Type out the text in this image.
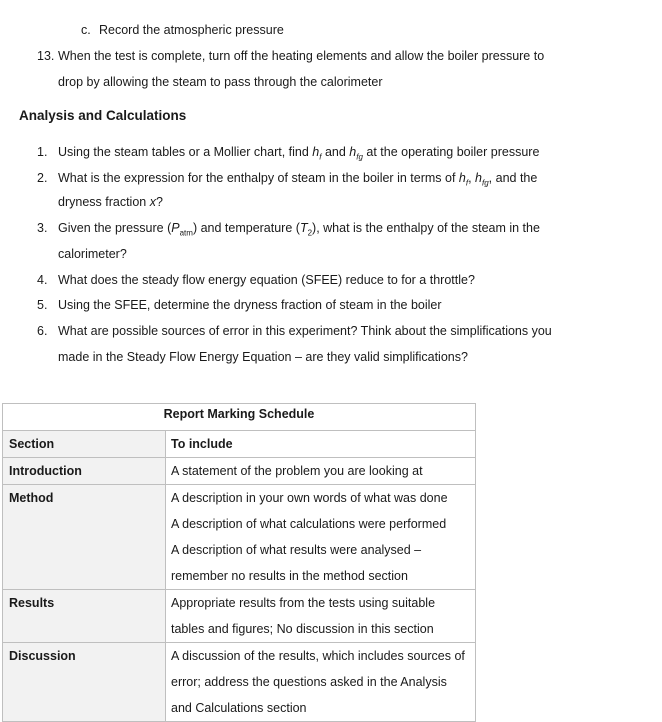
c. Record the atmospheric pressure
13. When the test is complete, turn off the heating elements and allow the boiler pressure to
drop by allowing the steam to pass through the calorimeter
Analysis and Calculations
1. Using the steam tables or a Mollier chart, find $h_f$ and $h_{fg}$ at the operating boiler pressure
2. What is the expression for the enthalpy of steam in the boiler in terms of $h_f$, $h_{fg}$, and the
dryness fraction x?
3. Given the pressure $(P_{atm})$ and temperature $(T_2)$, what is the enthalpy of the steam in the
calorimeter?
4. What does the steady flow energy equation (SFEE) reduce to for a throttle?
5. Using the SFEE, determine the dryness fraction of steam in the boiler
6. What are possible sources of error in this experiment? Think about the simplifications you
made in the Steady Flow Energy Equation – are they valid simplifications?
Report Marking Schedule	
Section	To include
Introduction	A statement of the problem you are looking at

Method	A description in your own words of what was done
A description of what calculations were performed
A description of what results were analysed –
remember no results in the method section

Results	Appropriate results from the tests using suitable
tables and figures; No discussion in this section

Discussion	A discussion of the results, which includes sources of
error; address the questions asked in the Analysis
and Calculations section
